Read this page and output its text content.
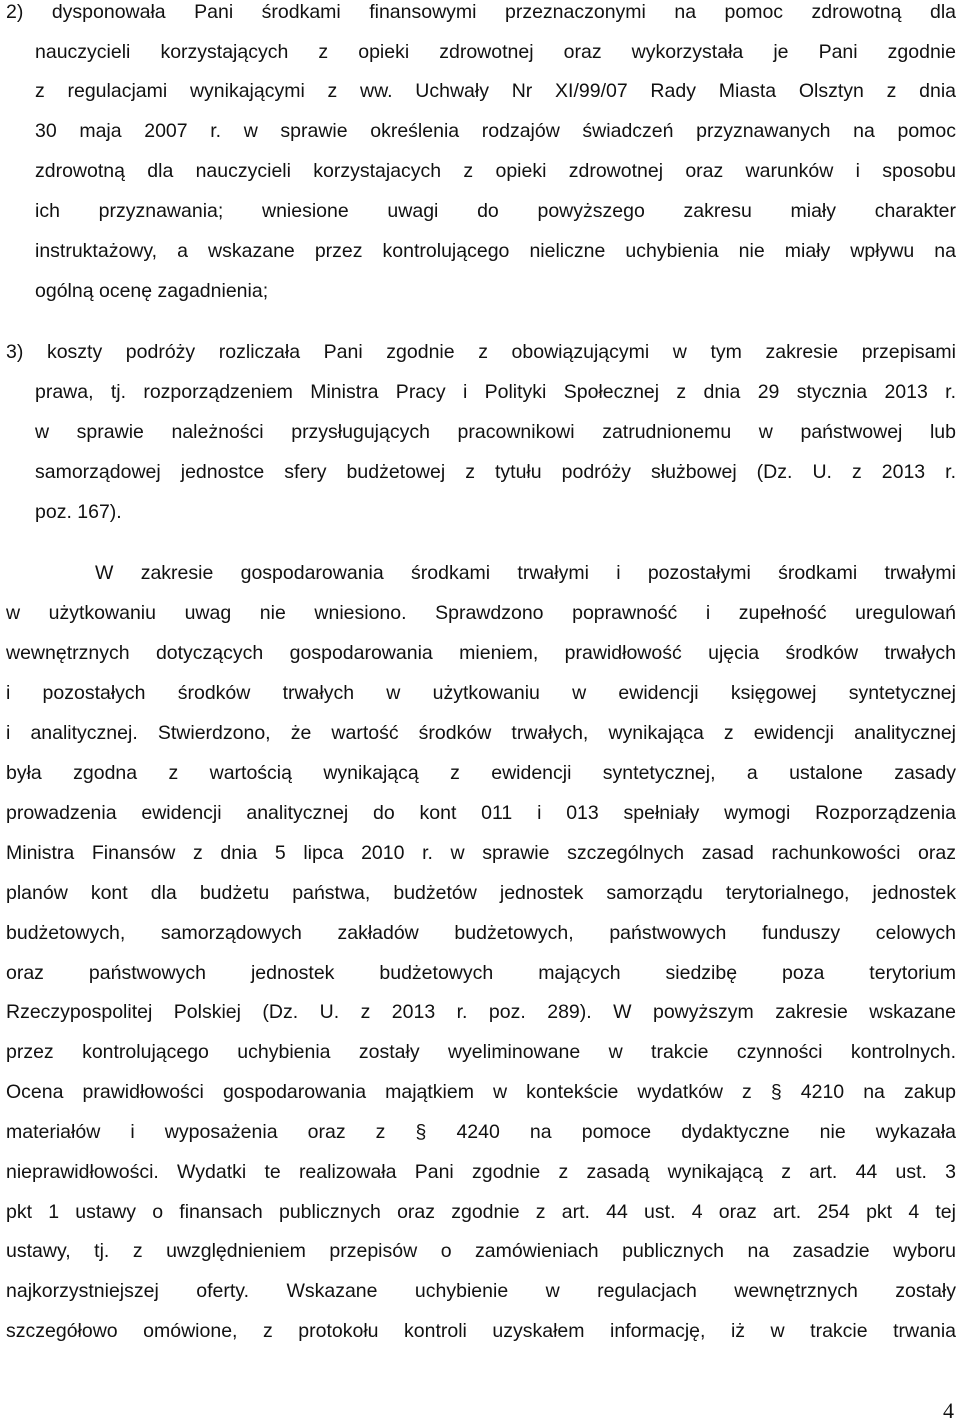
2) dysponowała Pani środkami finansowymi przeznaczonymi na pomoc zdrowotną dla
nauczycieli korzystających z opieki zdrowotnej oraz wykorzystała je Pani zgodnie
z regulacjami wynikającymi z ww. Uchwały Nr XI/99/07 Rady Miasta Olsztyn z dnia
30 maja 2007 r. w sprawie określenia rodzajów świadczeń przyznawanych na pomoc
zdrowotną dla nauczycieli korzystajacych z opieki zdrowotnej oraz warunków i sposobu
ich przyznawania; wniesione uwagi do powyższego zakresu miały charakter
instruktażowy, a wskazane przez kontrolującego nieliczne uchybienia nie miały wpływu na
ogólną ocenę zagadnienia;
3) koszty podróży rozliczała Pani zgodnie z obowiązującymi w tym zakresie przepisami
prawa, tj. rozporządzeniem Ministra Pracy i Polityki Społecznej z dnia 29 stycznia 2013 r.
w sprawie należności przysługujących pracownikowi zatrudnionemu w państwowej lub
samorządowej jednostce sfery budżetowej z tytułu podróży służbowej (Dz. U. z 2013 r.
poz. 167).
W zakresie gospodarowania środkami trwałymi i pozostałymi środkami trwałymi
w użytkowaniu uwag nie wniesiono. Sprawdzono poprawność i zupełność uregulowań
wewnętrznych dotyczących gospodarowania mieniem, prawidłowość ujęcia środków trwałych
i pozostałych środków trwałych w użytkowaniu w ewidencji księgowej syntetycznej
i analitycznej. Stwierdzono, że wartość środków trwałych, wynikająca z ewidencji analitycznej
była zgodna z wartością wynikającą z ewidencji syntetycznej, a ustalone zasady
prowadzenia ewidencji analitycznej do kont 011 i 013 spełniały wymogi Rozporządzenia
Ministra Finansów z dnia 5 lipca 2010 r. w sprawie szczególnych zasad rachunkowości oraz
planów kont dla budżetu państwa, budżetów jednostek samorządu terytorialnego, jednostek
budżetowych, samorządowych zakładów budżetowych, państwowych funduszy celowych
oraz państwowych jednostek budżetowych mających siedzibę poza terytorium
Rzeczypospolitej Polskiej (Dz. U. z 2013 r. poz. 289). W powyższym zakresie wskazane
przez kontrolującego uchybienia zostały wyeliminowane w trakcie czynności kontrolnych.
Ocena prawidłowości gospodarowania majątkiem w kontekście wydatków z § 4210 na zakup
materiałów i wyposażenia oraz z § 4240 na pomoce dydaktyczne nie wykazała
nieprawidłowości. Wydatki te realizowała Pani zgodnie z zasadą wynikającą z art. 44 ust. 3
pkt 1 ustawy o finansach publicznych oraz zgodnie z art. 44 ust. 4 oraz art. 254 pkt 4 tej
ustawy, tj. z uwzględnieniem przepisów o zamówieniach publicznych na zasadzie wyboru
najkorzystniejszej oferty. Wskazane uchybienie w regulacjach wewnętrznych zostały
szczegółowo omówione, z protokołu kontroli uzyskałem informację, iż w trakcie trwania
4
